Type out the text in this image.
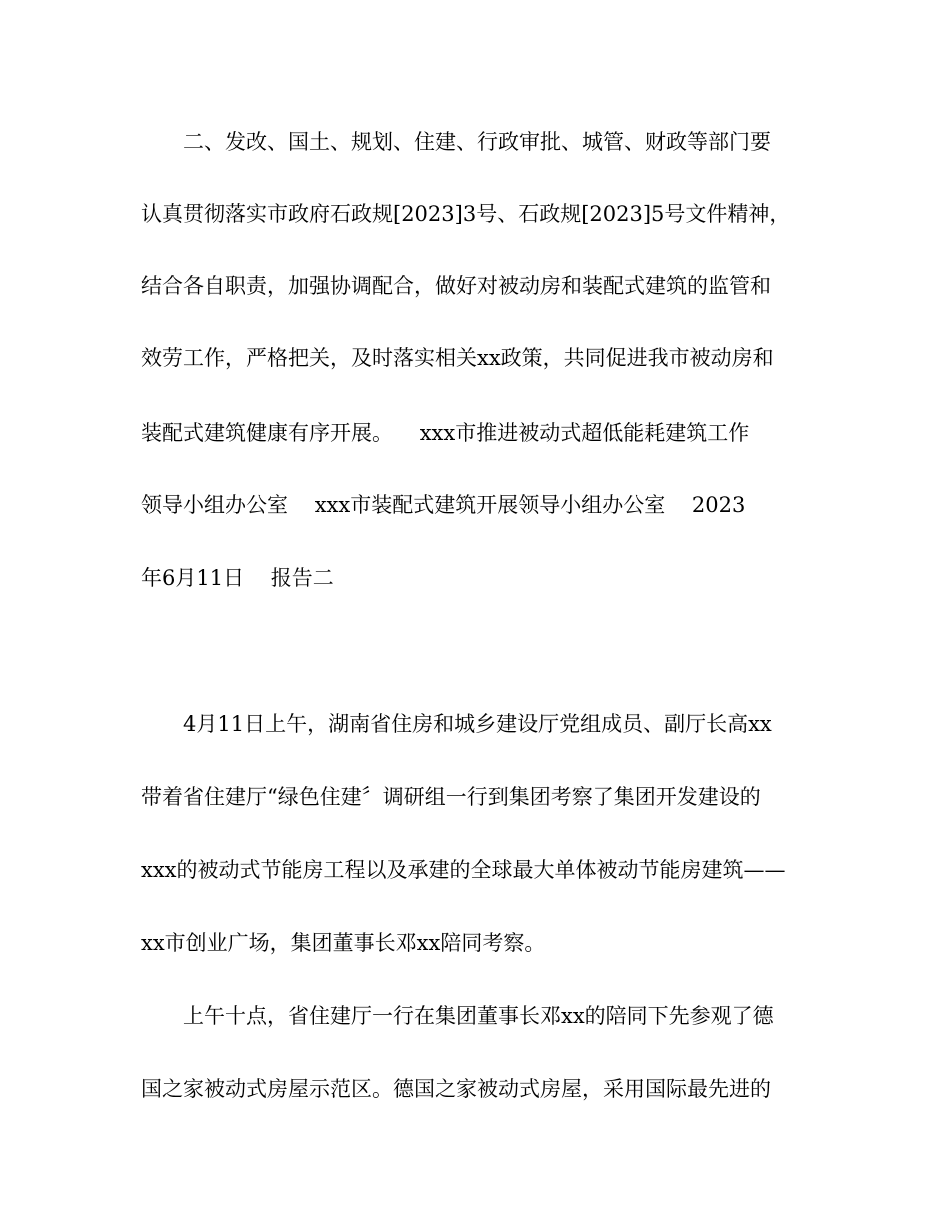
二、发改、国土、规划、住建、行政审批、城管、财政等部门要
认真贯彻落实市政府石政规[2023]3号、石政规[2023]5号文件精神，
结合各自职责，加强协调配合，做好对被动房和装配式建筑的监管和
效劳工作，严格把关，及时落实相关xx政策，共同促进我市被动房和
装配式建筑健康有序开展。    xxx市推进被动式超低能耗建筑工作
领导小组办公室    xxx市装配式建筑开展领导小组办公室    2023
年6月11日    报告二
4月11日上午，湖南省住房和城乡建设厅党组成员、副厅长高xx
带着省住建厅“绿色住建〞调研组一行到集团考察了集团开发建设的
xxx的被动式节能房工程以及承建的全球最大单体被动节能房建筑——
xx市创业广场，集团董事长邓xx陪同考察。
上午十点，省住建厅一行在集团董事长邓xx的陪同下先参观了德
国之家被动式房屋示范区。德国之家被动式房屋，采用国际最先进的
